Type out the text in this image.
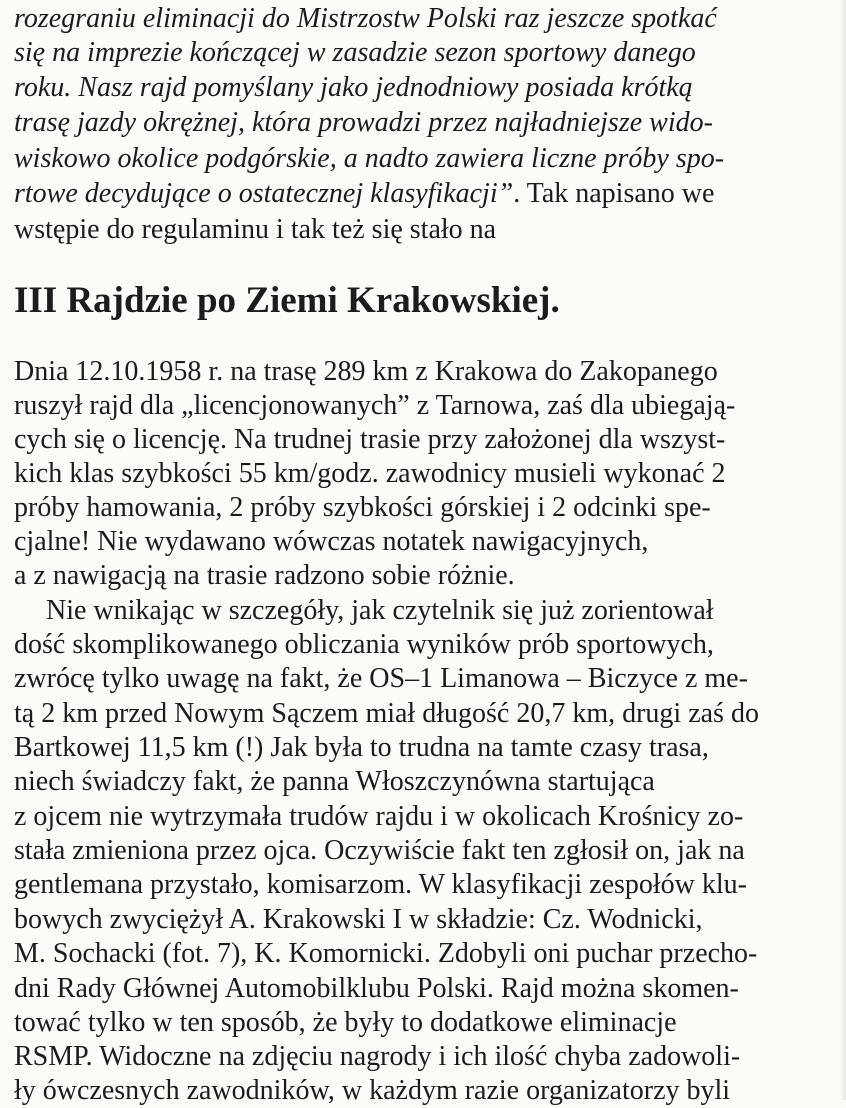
rozegraniu eliminacji do Mistrzostw Polski raz jeszcze spotkać
się na imprezie kończącej w zasadzie sezon sportowy danego
roku. Nasz rajd pomyślany jako jednodniowy posiada krótką
trasę jazdy okrężnej, która prowadzi przez najładniejsze wido-
wiskowo okolice podgórskie, a nadto zawiera liczne próby spo-
rtowe decydujące o ostatecznej klasyfikacji”. Tak napisano we
wstępie do regulaminu i tak też się stało na
III Rajdzie po Ziemi Krakowskiej.
Dnia 12.10.1958 r. na trasę 289 km z Krakowa do Zakopanego
ruszył rajd dla „licencjonowanych” z Tarnowa, zaś dla ubiegają-
cych się o licencję. Na trudnej trasie przy założonej dla wszyst-
kich klas szybkości 55 km/godz. zawodnicy musieli wykonać 2
próby hamowania, 2 próby szybkości górskiej i 2 odcinki spe-
cjalne! Nie wydawano wówczas notatek nawigacyjnych,
a z nawigacją na trasie radzono sobie różnie.
Nie wnikając w szczegóły, jak czytelnik się już zorientował
dość skomplikowanego obliczania wyników prób sportowych,
zwrócę tylko uwagę na fakt, że OS–1 Limanowa – Biczyce z me-
tą 2 km przed Nowym Sączem miał długość 20,7 km, drugi zaś do
Bartkowej 11,5 km (!) Jak była to trudna na tamte czasy trasa,
niech świadczy fakt, że panna Włoszczynówna startująca
z ojcem nie wytrzymała trudów rajdu i w okolicach Krośnicy zo-
stała zmieniona przez ojca. Oczywiście fakt ten zgłosił on, jak na
gentlemana przystało, komisarzom. W klasyfikacji zespołów klu-
bowych zwyciężył A. Krakowski I w składzie: Cz. Wodnicki,
M. Sochacki (fot. 7), K. Komornicki. Zdobyli oni puchar przecho-
dni Rady Głównej Automobilklubu Polski. Rajd można skomen-
tować tylko w ten sposób, że były to dodatkowe eliminacje
RSMP. Widoczne na zdjęciu nagrody i ich ilość chyba zadowoli-
ły ówczesnych zawodników, w każdym razie organizatorzy byli
